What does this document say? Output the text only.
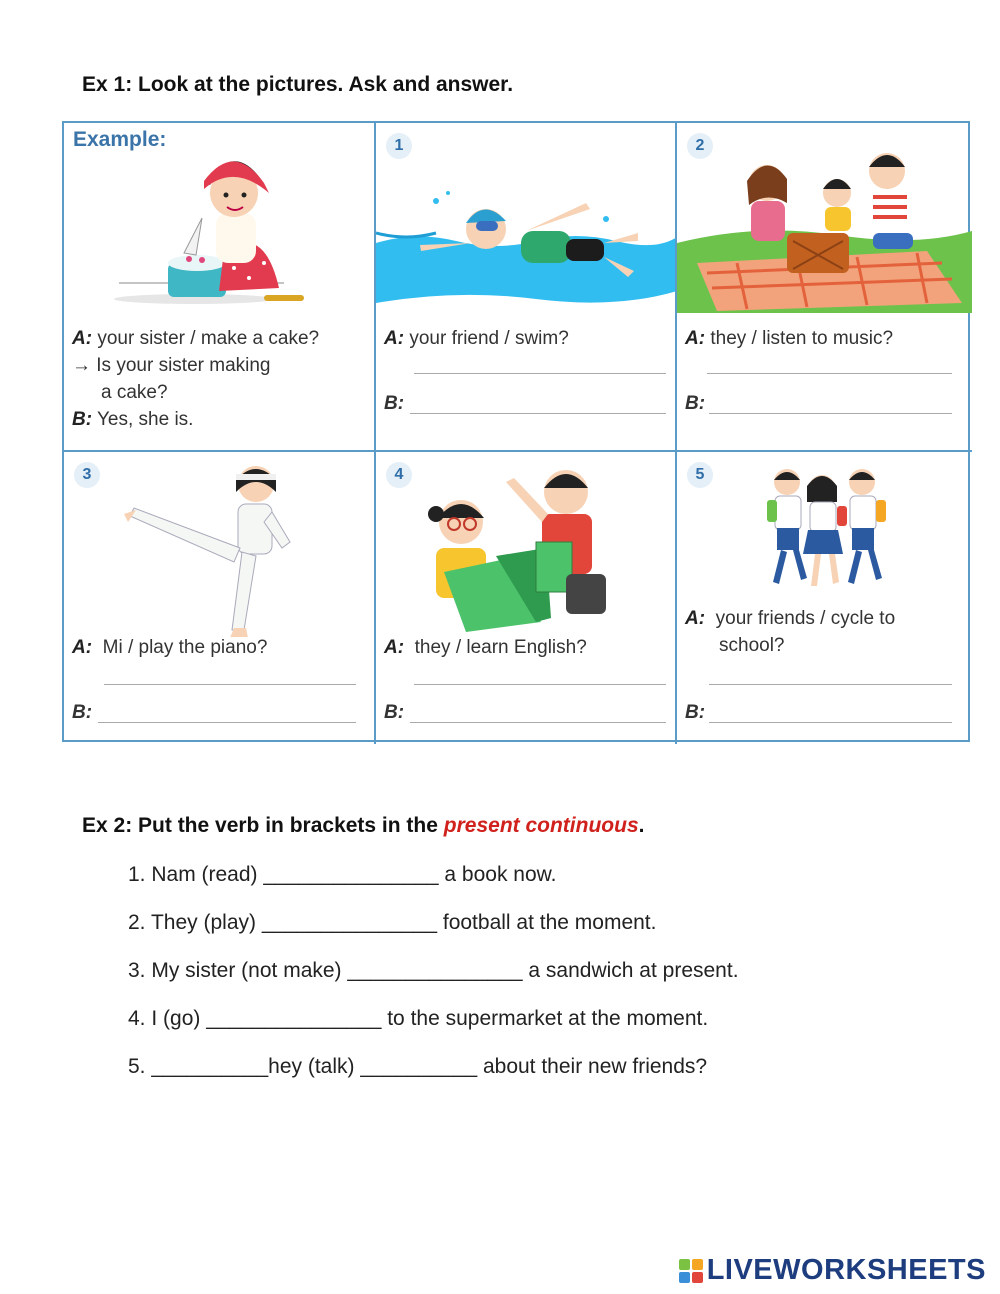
Ex 1: Look at the pictures. Ask and answer.
Example:
A: your sister / make a cake?
→ Is your sister making
a cake?
B: Yes, she is.
1
A: your friend / swim?
B:
2
A: they / listen to music?
B:
3
A: Mi / play the piano?
B:
4
A: they / learn English?
B:
5
A: your friends / cycle to
school?
B:
Ex 2: Put the verb in brackets in the present continuous.
1. Nam (read) _______________ a book now.
2. They (play) _______________ football at the moment.
3. My sister (not make) _______________ a sandwich at present.
4. I (go) _______________ to the supermarket at the moment.
5. __________hey (talk) __________ about their new friends?
LIVEWORKSHEETS
